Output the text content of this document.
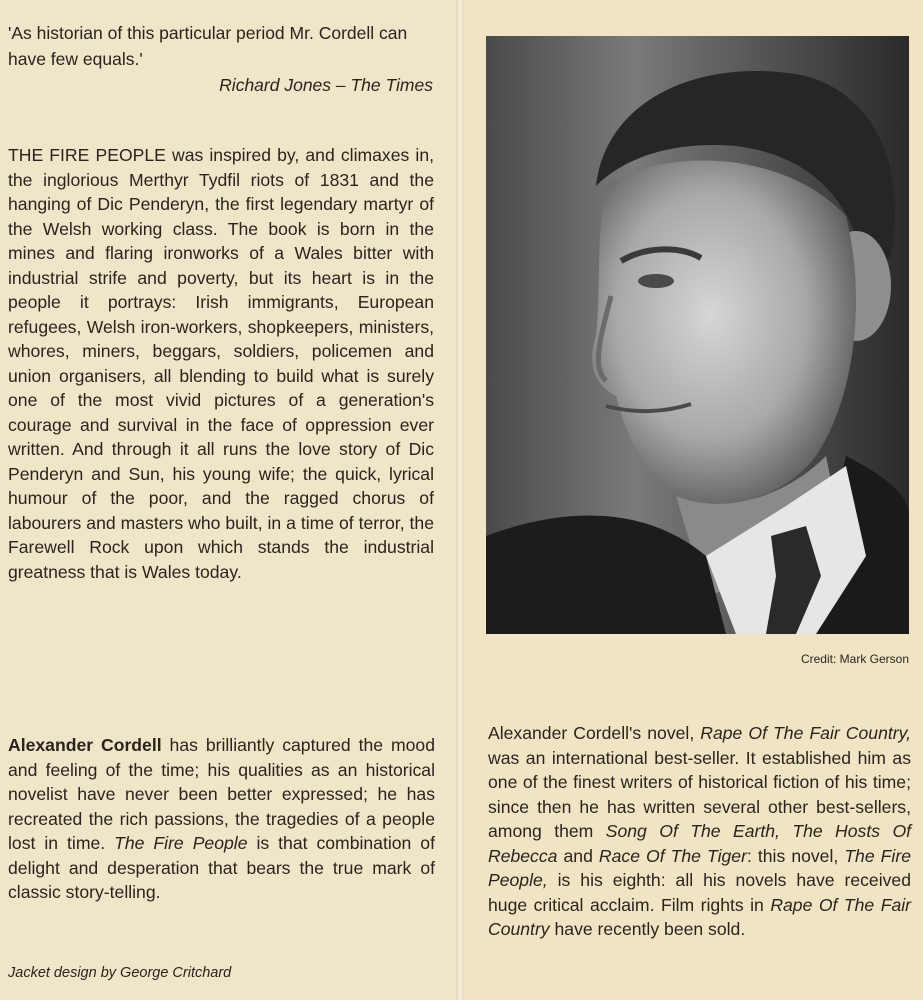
'As historian of this particular period Mr. Cordell can have few equals.'
Richard Jones – The Times
THE FIRE PEOPLE was inspired by, and climaxes in, the inglorious Merthyr Tydfil riots of 1831 and the hanging of Dic Penderyn, the first legendary martyr of the Welsh working class. The book is born in the mines and flaring ironworks of a Wales bitter with industrial strife and poverty, but its heart is in the people it portrays: Irish immigrants, European refugees, Welsh iron-workers, shopkeepers, ministers, whores, miners, beggars, soldiers, policemen and union organisers, all blending to build what is surely one of the most vivid pictures of a generation's courage and survival in the face of oppression ever written. And through it all runs the love story of Dic Penderyn and Sun, his young wife; the quick, lyrical humour of the poor, and the ragged chorus of labourers and masters who built, in a time of terror, the Farewell Rock upon which stands the industrial greatness that is Wales today.
Alexander Cordell has brilliantly captured the mood and feeling of the time; his qualities as an historical novelist have never been better expressed; he has recreated the rich passions, the tragedies of a people lost in time. The Fire People is that combination of delight and desperation that bears the true mark of classic story-telling.
Jacket design by George Critchard
Credit: Mark Gerson
Alexander Cordell's novel, Rape Of The Fair Country, was an international best-seller. It established him as one of the finest writers of historical fiction of his time; since then he has written several other best-sellers, among them Song Of The Earth, The Hosts Of Rebecca and Race Of The Tiger: this novel, The Fire People, is his eighth: all his novels have received huge critical acclaim. Film rights in Rape Of The Fair Country have recently been sold.
